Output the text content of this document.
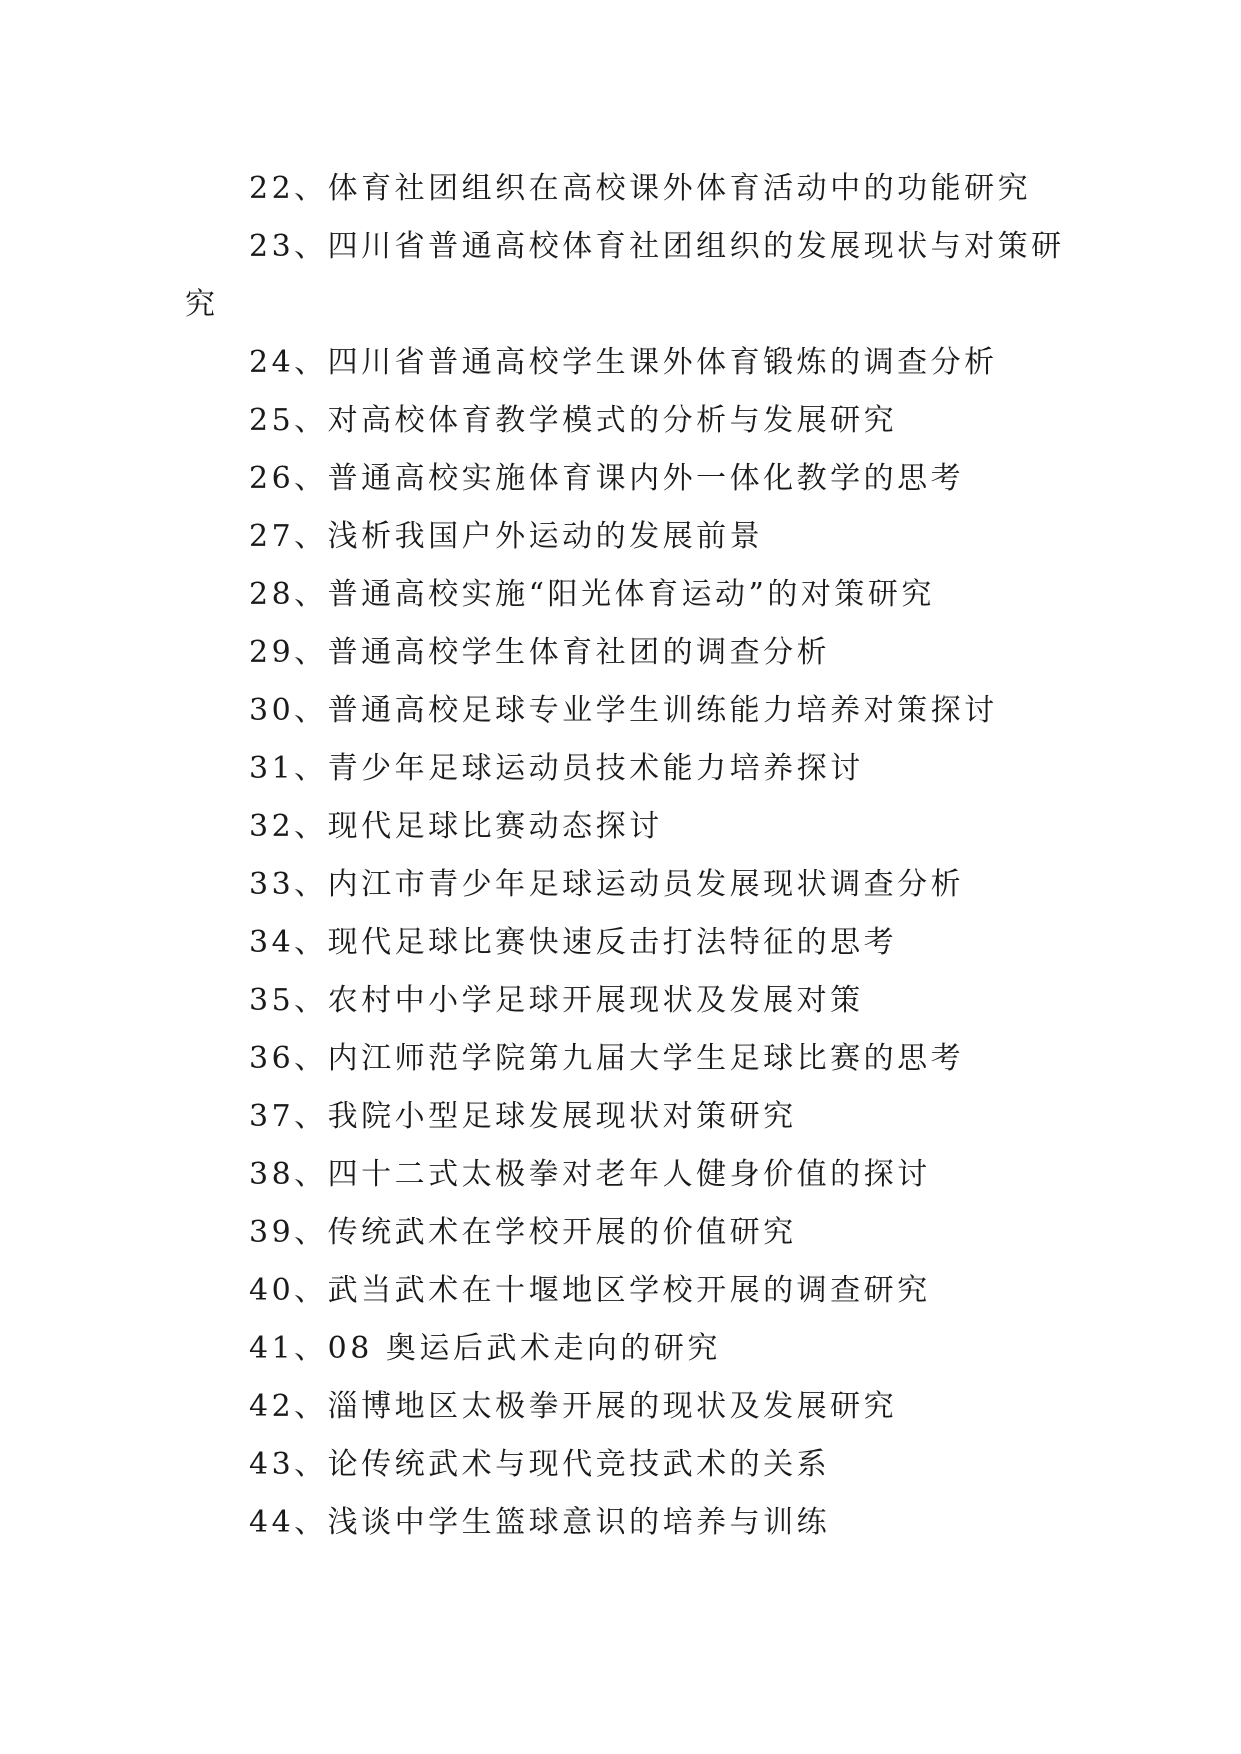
22、体育社团组织在高校课外体育活动中的功能研究
23、四川省普通高校体育社团组织的发展现状与对策研究
24、四川省普通高校学生课外体育锻炼的调查分析
25、对高校体育教学模式的分析与发展研究
26、普通高校实施体育课内外一体化教学的思考
27、浅析我国户外运动的发展前景
28、普通高校实施“阳光体育运动”的对策研究
29、普通高校学生体育社团的调查分析
30、普通高校足球专业学生训练能力培养对策探讨
31、青少年足球运动员技术能力培养探讨
32、现代足球比赛动态探讨
33、内江市青少年足球运动员发展现状调查分析
34、现代足球比赛快速反击打法特征的思考
35、农村中小学足球开展现状及发展对策
36、内江师范学院第九届大学生足球比赛的思考
37、我院小型足球发展现状对策研究
38、四十二式太极拳对老年人健身价值的探讨
39、传统武术在学校开展的价值研究
40、武当武术在十堰地区学校开展的调查研究
41、08 奥运后武术走向的研究
42、淄博地区太极拳开展的现状及发展研究
43、论传统武术与现代竞技武术的关系
44、浅谈中学生篮球意识的培养与训练
